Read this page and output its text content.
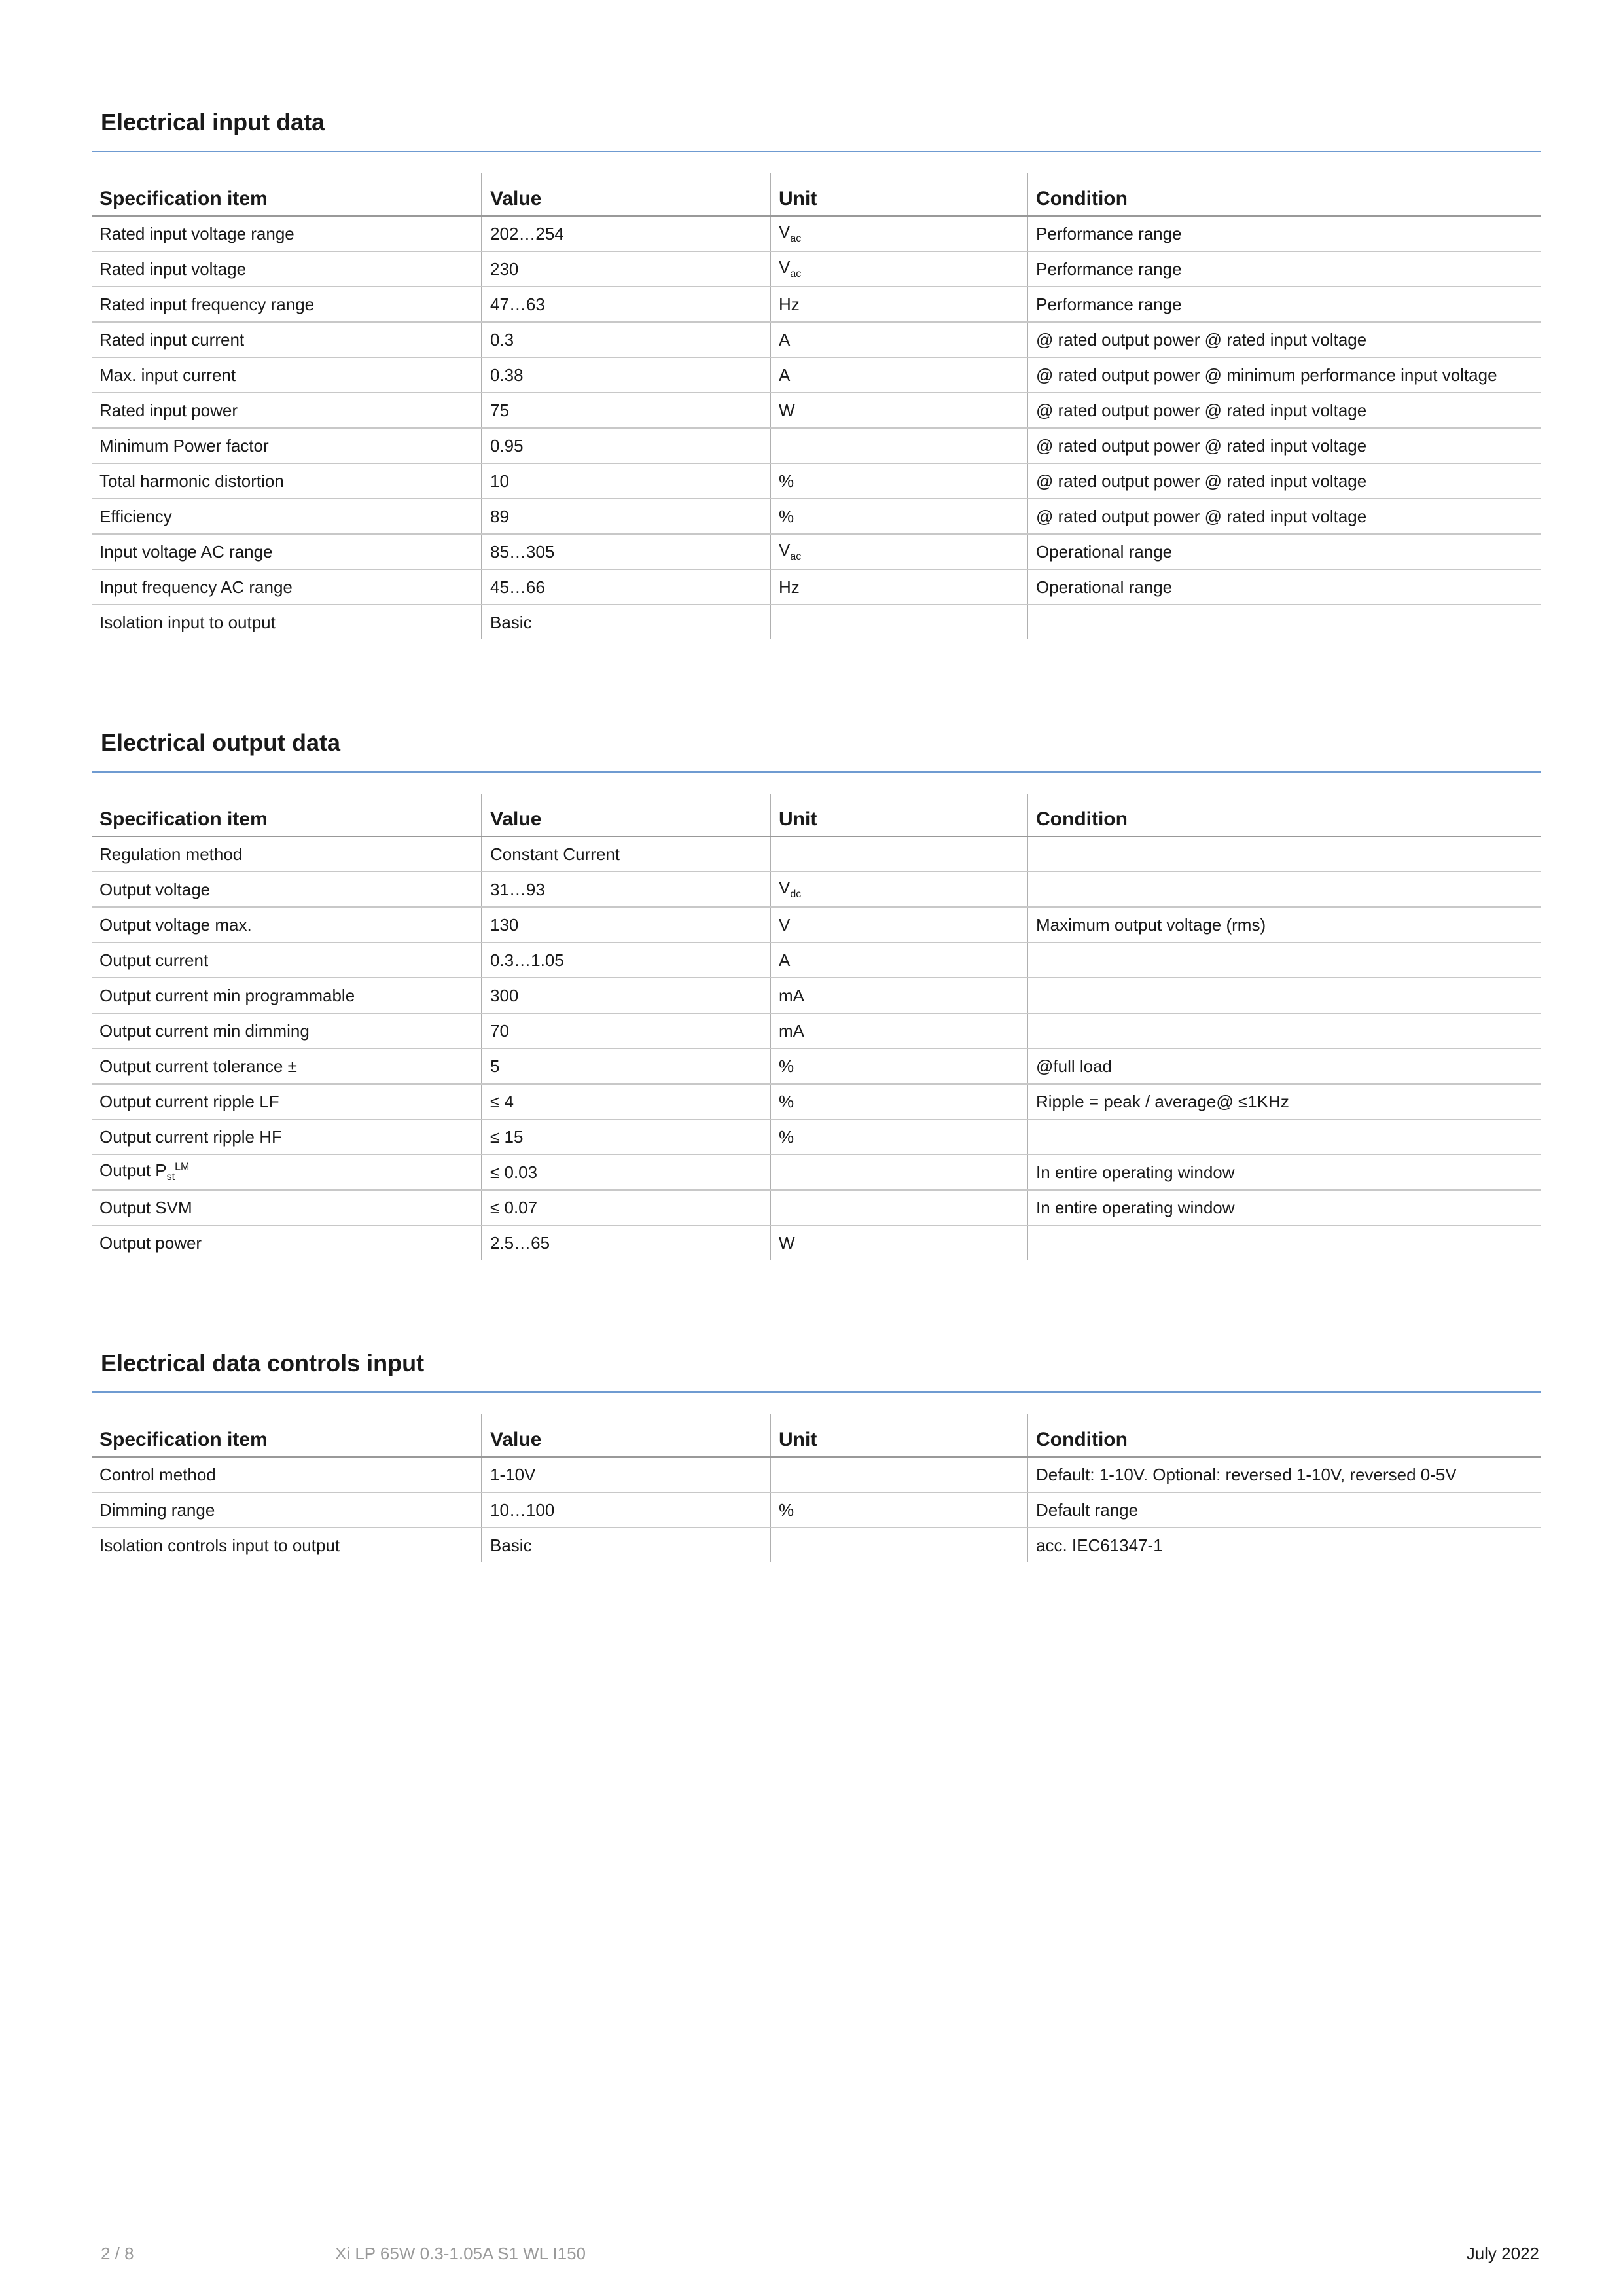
Electrical input data
Specification item	Value	Unit	Condition
Rated input voltage range	202…254	$V_{ac}$	Performance range
Rated input voltage	230	$V_{ac}$	Performance range
Rated input frequency range	47…63	Hz	Performance range
Rated input current	0.3	A	@ rated output power @ rated input voltage
Max. input current	0.38	A	@ rated output power @ minimum performance input voltage
Rated input power	75	W	@ rated output power @ rated input voltage
Minimum Power factor	0.95		@ rated output power @ rated input voltage
Total harmonic distortion	10	%	@ rated output power @ rated input voltage
Efficiency	89	%	@ rated output power @ rated input voltage
Input voltage AC range	85…305	$V_{ac}$	Operational range
Input frequency AC range	45…66	Hz	Operational range
Isolation input to output	Basic		
Electrical output data
Specification item	Value	Unit	Condition
Regulation method	Constant Current		
Output voltage	31…93	$V_{dc}$	
Output voltage max.	130	V	Maximum output voltage (rms)
Output current	0.3…1.05	A	
Output current min programmable	300	mA	
Output current min dimming	70	mA	
Output current tolerance ±	5	%	@full load
Output current ripple LF	≤ 4	%	Ripple = peak / average@ ≤1KHz
Output current ripple HF	≤ 15	%	
Output $P_{st}^{LM}$	≤ 0.03		In entire operating window
Output SVM	≤ 0.07		In entire operating window
Output power	2.5…65	W	
Electrical data controls input
Specification item	Value	Unit	Condition
Control method	1-10V		Default: 1-10V. Optional: reversed 1-10V, reversed 0-5V
Dimming range	10…100	%	Default range
Isolation controls input to output	Basic		acc. IEC61347-1
2 / 8	Xi LP 65W 0.3-1.05A S1 WL I150	July 2022
